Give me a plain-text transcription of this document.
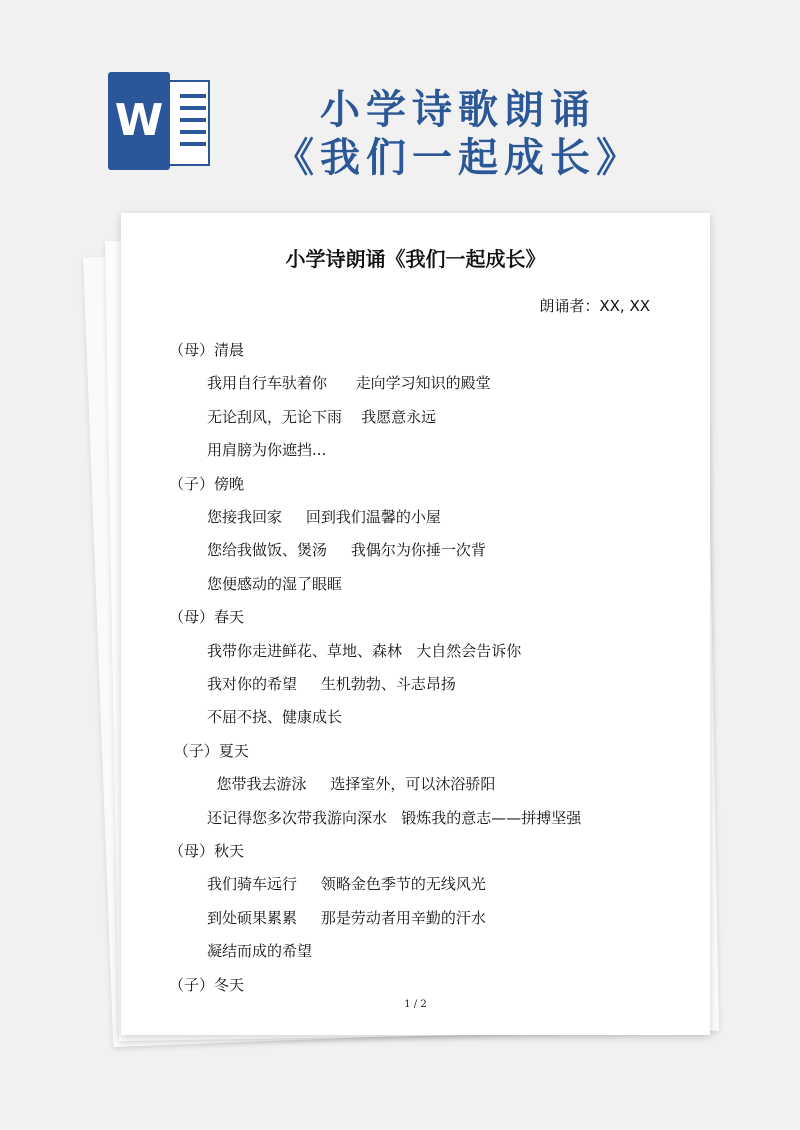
W	小学诗歌朗诵
《我们一起成长》
小学诗朗诵《我们一起成长》
朗诵者：XX, XX
（母）清晨
我用自行车驮着你      走向学习知识的殿堂
无论刮风，无论下雨    我愿意永远
用肩膀为你遮挡...
（子）傍晚
您接我回家     回到我们温馨的小屋
您给我做饭、煲汤     我偶尔为你捶一次背
您便感动的湿了眼眶
（母）春天
我带你走进鲜花、草地、森林   大自然会告诉你
我对你的希望     生机勃勃、斗志昂扬
不屈不挠、健康成长
（子）夏天
您带我去游泳     选择室外，可以沐浴骄阳
还记得您多次带我游向深水   锻炼我的意志——拼搏坚强
（母）秋天
我们骑车远行     领略金色季节的无线风光
到处硕果累累     那是劳动者用辛勤的汗水
凝结而成的希望
（子）冬天
1 / 2
